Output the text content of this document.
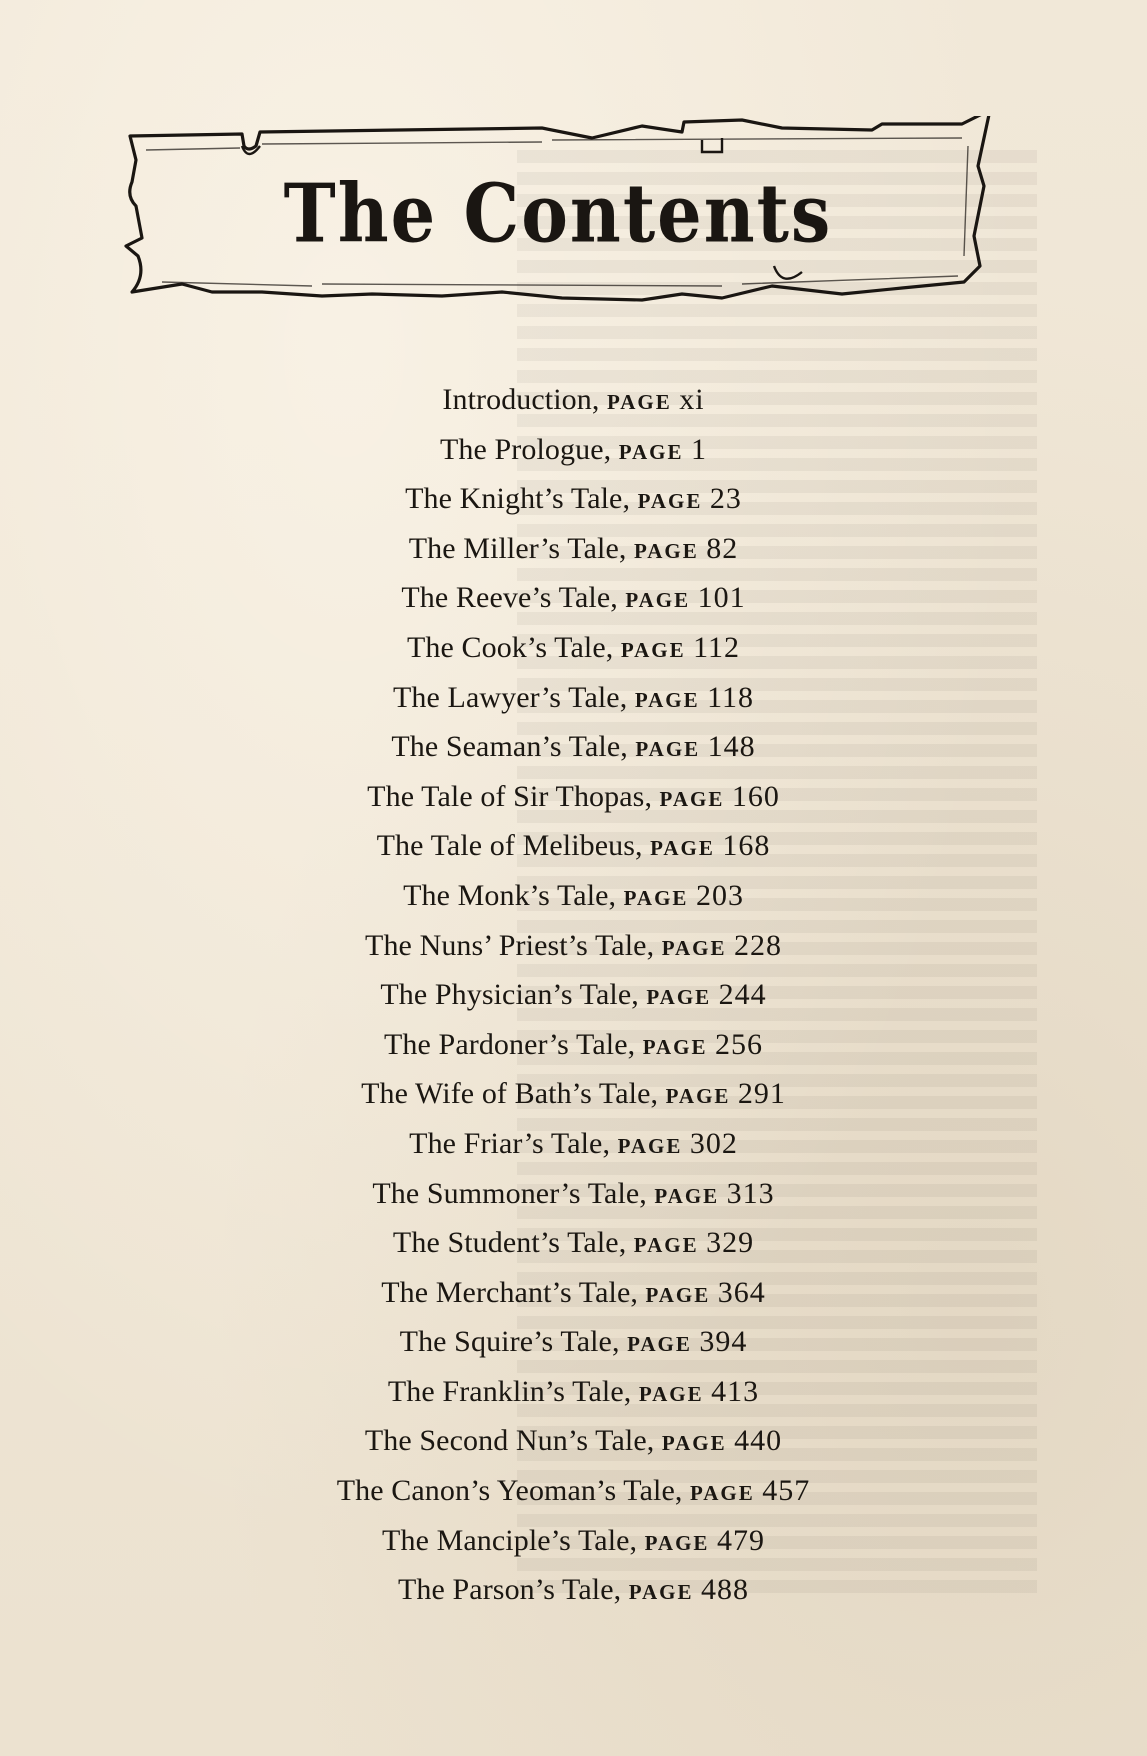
The Contents
Introduction, PAGE xi
The Prologue, PAGE 1
The Knight’s Tale, PAGE 23
The Miller’s Tale, PAGE 82
The Reeve’s Tale, PAGE 101
The Cook’s Tale, PAGE 112
The Lawyer’s Tale, PAGE 118
The Seaman’s Tale, PAGE 148
The Tale of Sir Thopas, PAGE 160
The Tale of Melibeus, PAGE 168
The Monk’s Tale, PAGE 203
The Nuns’ Priest’s Tale, PAGE 228
The Physician’s Tale, PAGE 244
The Pardoner’s Tale, PAGE 256
The Wife of Bath’s Tale, PAGE 291
The Friar’s Tale, PAGE 302
The Summoner’s Tale, PAGE 313
The Student’s Tale, PAGE 329
The Merchant’s Tale, PAGE 364
The Squire’s Tale, PAGE 394
The Franklin’s Tale, PAGE 413
The Second Nun’s Tale, PAGE 440
The Canon’s Yeoman’s Tale, PAGE 457
The Manciple’s Tale, PAGE 479
The Parson’s Tale, PAGE 488
